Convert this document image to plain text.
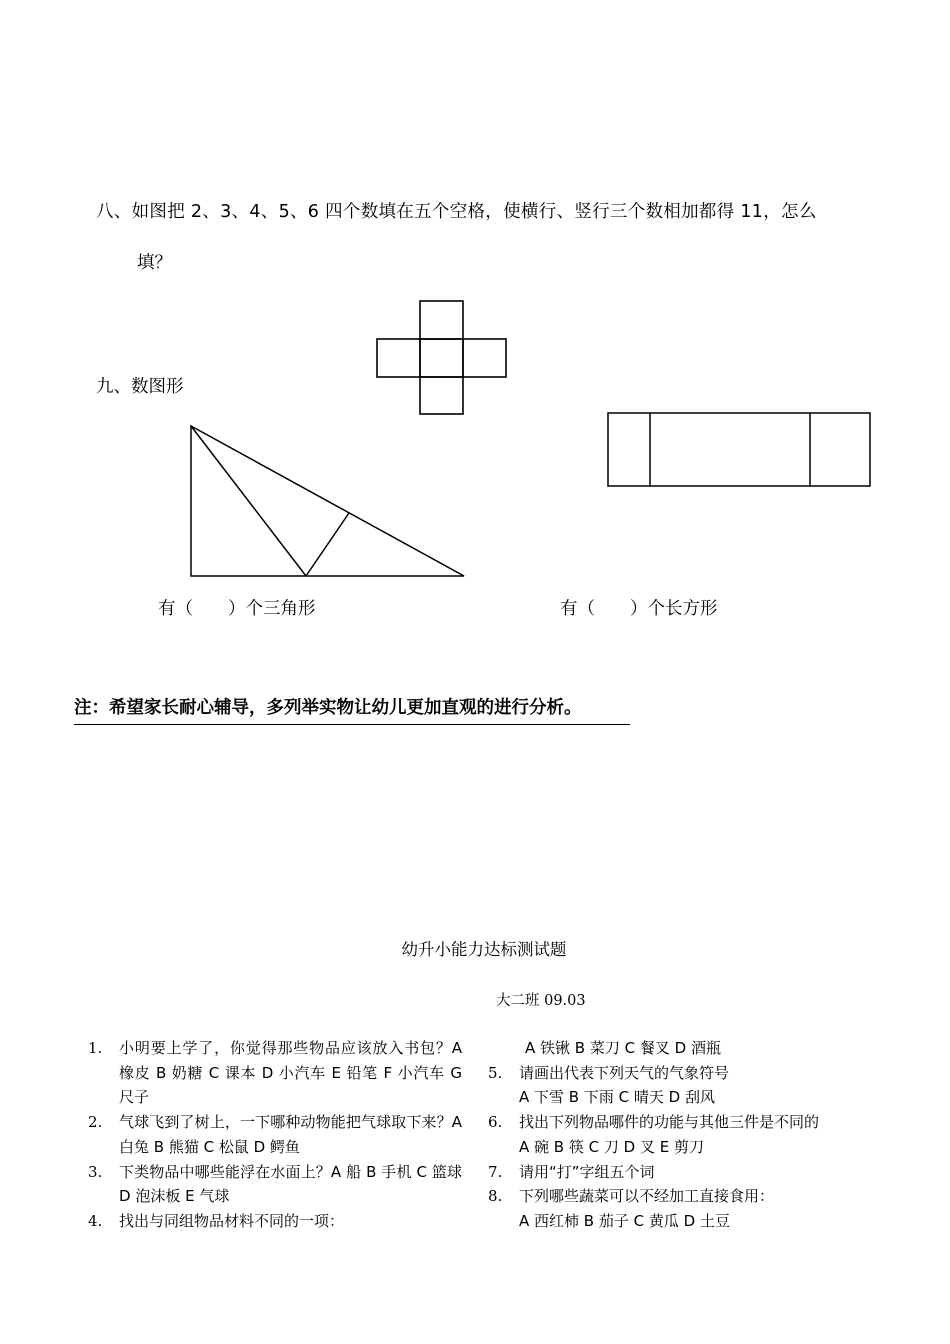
八、如图把 2、3、4、5、6 四个数填在五个空格，使横行、竖行三个数相加都得 11，怎么
填？
九、数图形
有（　　）个三角形	有（　　）个长方形
注：希望家长耐心辅导，多列举实物让幼儿更加直观的进行分析。
幼升小能力达标测试题
大二班 09.03
1.	小明要上学了，你觉得那些物品应该放入书包？A 橡皮 B 奶糖 C 课本 D 小汽车 E 铅笔 F 小汽车 G 尺子
2.	气球飞到了树上，一下哪种动物能把气球取下来？A 白兔 B 熊猫 C 松鼠 D 鳄鱼
3.	下类物品中哪些能浮在水面上？A 船 B 手机 C 篮球 D 泡沫板 E 气球
4.	找出与同组物品材料不同的一项：
A 铁锹 B 菜刀 C 餐叉 D 酒瓶
5.	请画出代表下列天气的气象符号
A 下雪 B 下雨 C 晴天 D 刮风
6.	找出下列物品哪件的功能与其他三件是不同的
A 碗 B 筷 C 刀 D 叉 E 剪刀
7.	请用“打”字组五个词
8.	下列哪些蔬菜可以不经加工直接食用：
A 西红柿 B 茄子 C 黄瓜 D 土豆
